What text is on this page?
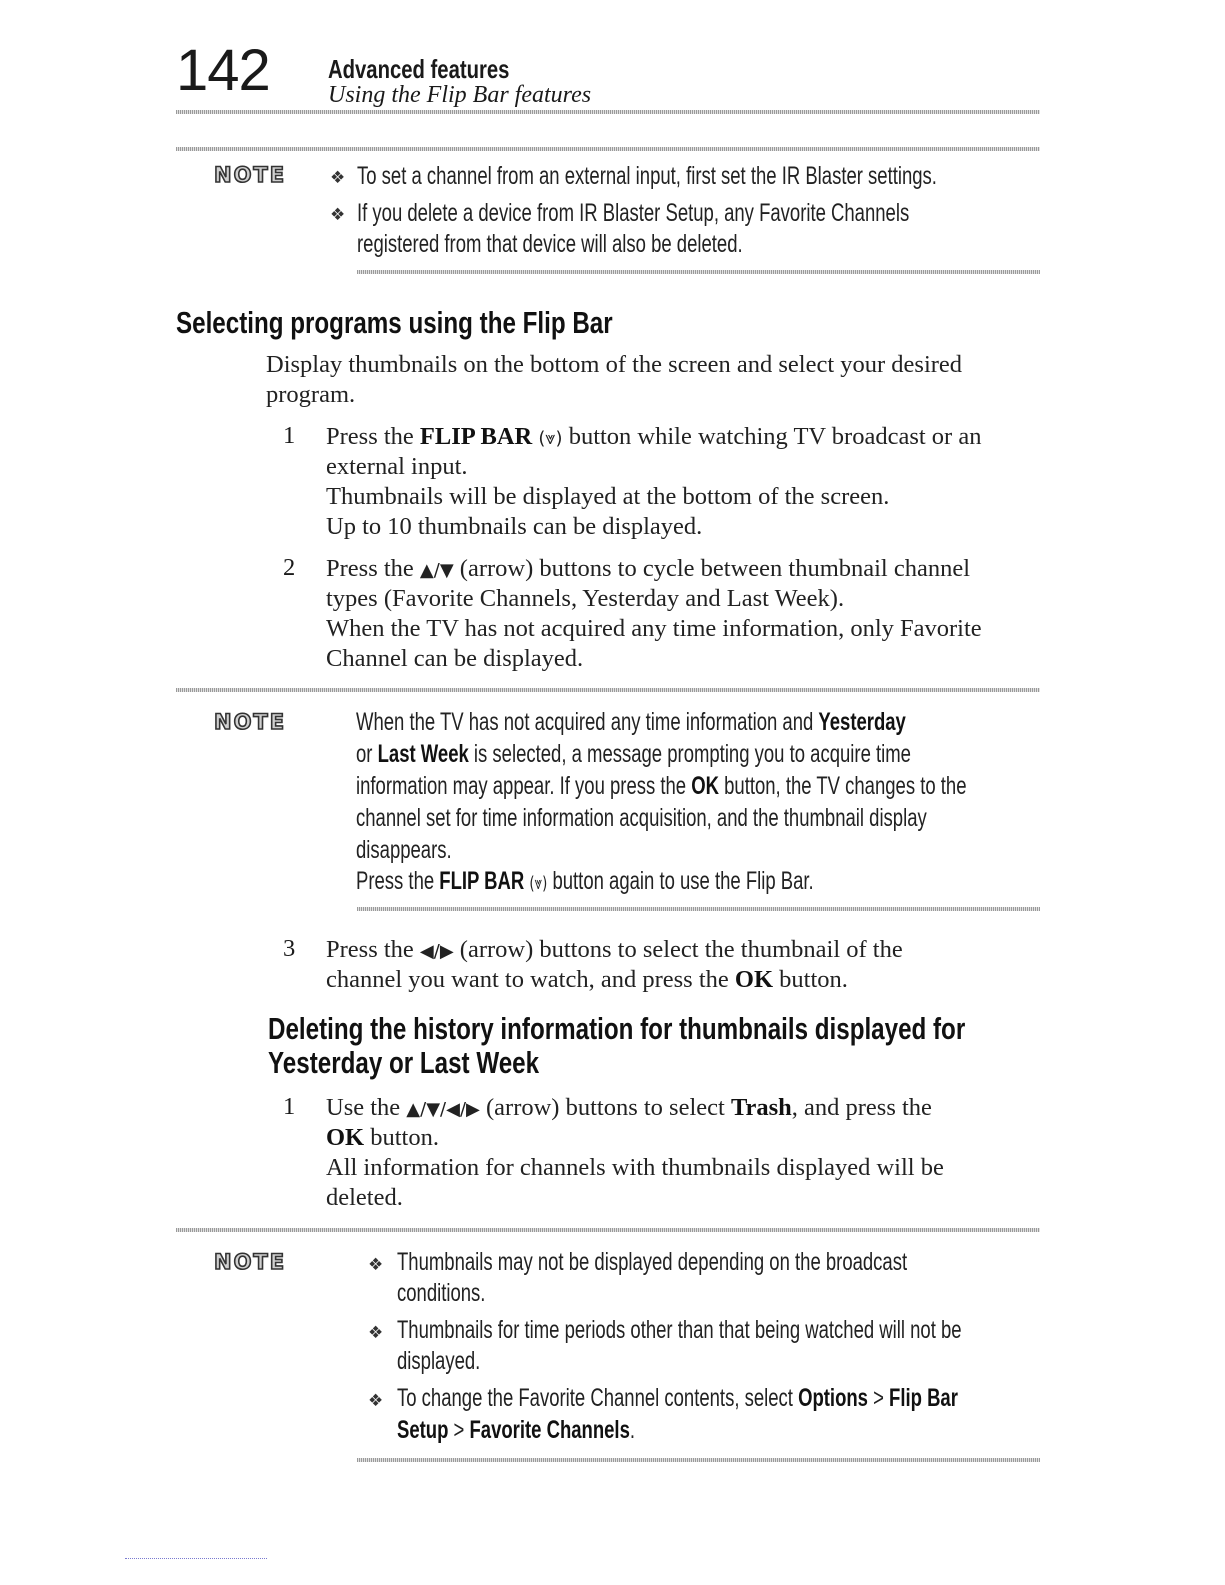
142 Advanced features
Using the Flip Bar features
NOTE	❖ To set a channel from an external input, first set the IR Blaster settings.
❖ If you delete a device from IR Blaster Setup, any Favorite Channels
registered from that device will also be deleted.
Selecting programs using the Flip Bar
Display thumbnails on the bottom of the screen and select your desired
program.
1 Press the FLIP BAR (⩔) button while watching TV broadcast or an
external input.
Thumbnails will be displayed at the bottom of the screen.
Up to 10 thumbnails can be displayed.
2 Press the ▲/▼ (arrow) buttons to cycle between thumbnail channel
types (Favorite Channels, Yesterday and Last Week).
When the TV has not acquired any time information, only Favorite
Channel can be displayed.
NOTE	When the TV has not acquired any time information and Yesterday
or Last Week is selected, a message prompting you to acquire time
information may appear. If you press the OK button, the TV changes to the
channel set for time information acquisition, and the thumbnail display
disappears.
Press the FLIP BAR (⩔) button again to use the Flip Bar.
3 Press the ◀/▶ (arrow) buttons to select the thumbnail of the
channel you want to watch, and press the OK button.
Deleting the history information for thumbnails displayed for
Yesterday or Last Week
1 Use the ▲/▼/◀/▶ (arrow) buttons to select Trash, and press the
OK button.
All information for channels with thumbnails displayed will be
deleted.
NOTE	❖ Thumbnails may not be displayed depending on the broadcast
conditions.
❖ Thumbnails for time periods other than that being watched will not be
displayed.
❖ To change the Favorite Channel contents, select Options > Flip Bar
Setup > Favorite Channels.
